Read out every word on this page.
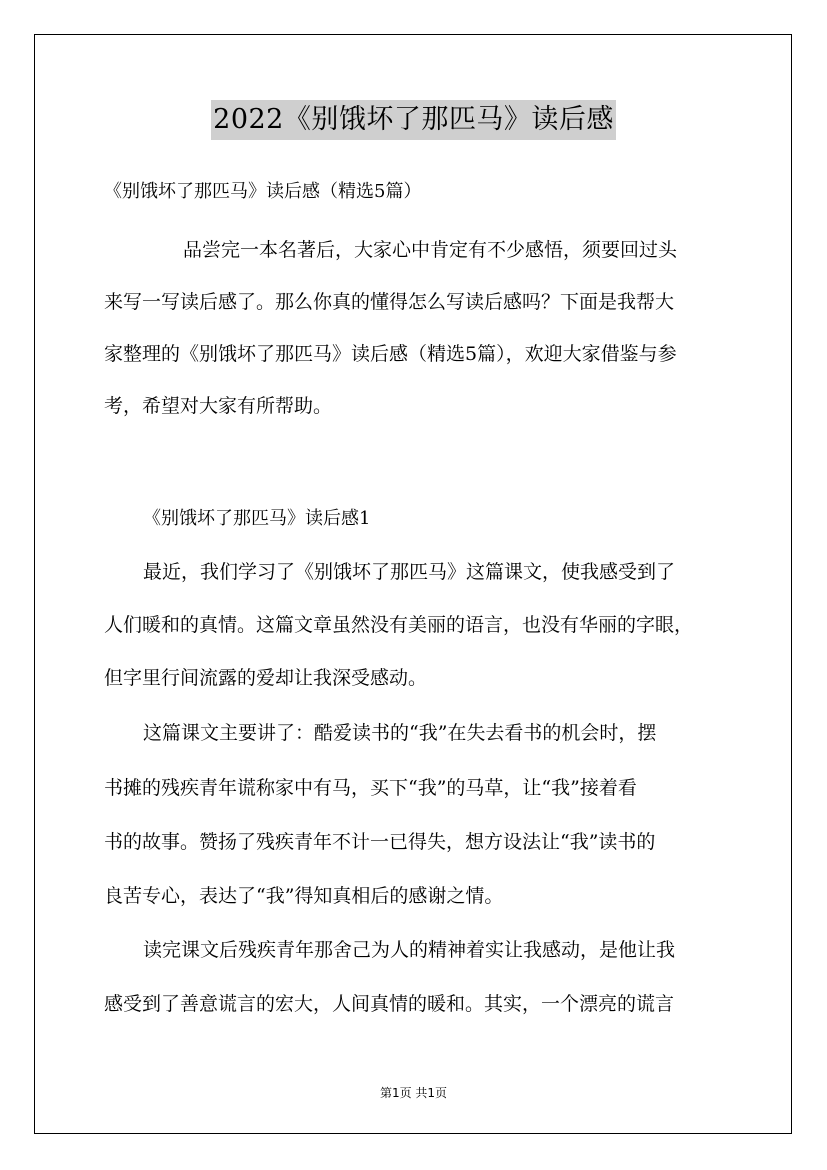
2022《别饿坏了那匹马》读后感
《别饿坏了那匹马》读后感（精选5篇）
品尝完一本名著后，大家心中肯定有不少感悟，须要回过头
来写一写读后感了。那么你真的懂得怎么写读后感吗？下面是我帮大
家整理的《别饿坏了那匹马》读后感（精选5篇），欢迎大家借鉴与参
考，希望对大家有所帮助。
《别饿坏了那匹马》读后感1
最近，我们学习了《别饿坏了那匹马》这篇课文，使我感受到了
人们暖和的真情。这篇文章虽然没有美丽的语言，也没有华丽的字眼，
但字里行间流露的爱却让我深受感动。
这篇课文主要讲了：酷爱读书的“我”在失去看书的机会时，摆
书摊的残疾青年谎称家中有马，买下“我”的马草，让“我”接着看
书的故事。赞扬了残疾青年不计一已得失，想方设法让“我”读书的
良苦专心，表达了“我”得知真相后的感谢之情。
读完课文后残疾青年那舍己为人的精神着实让我感动，是他让我
感受到了善意谎言的宏大，人间真情的暖和。其实，一个漂亮的谎言
第1页 共1页
